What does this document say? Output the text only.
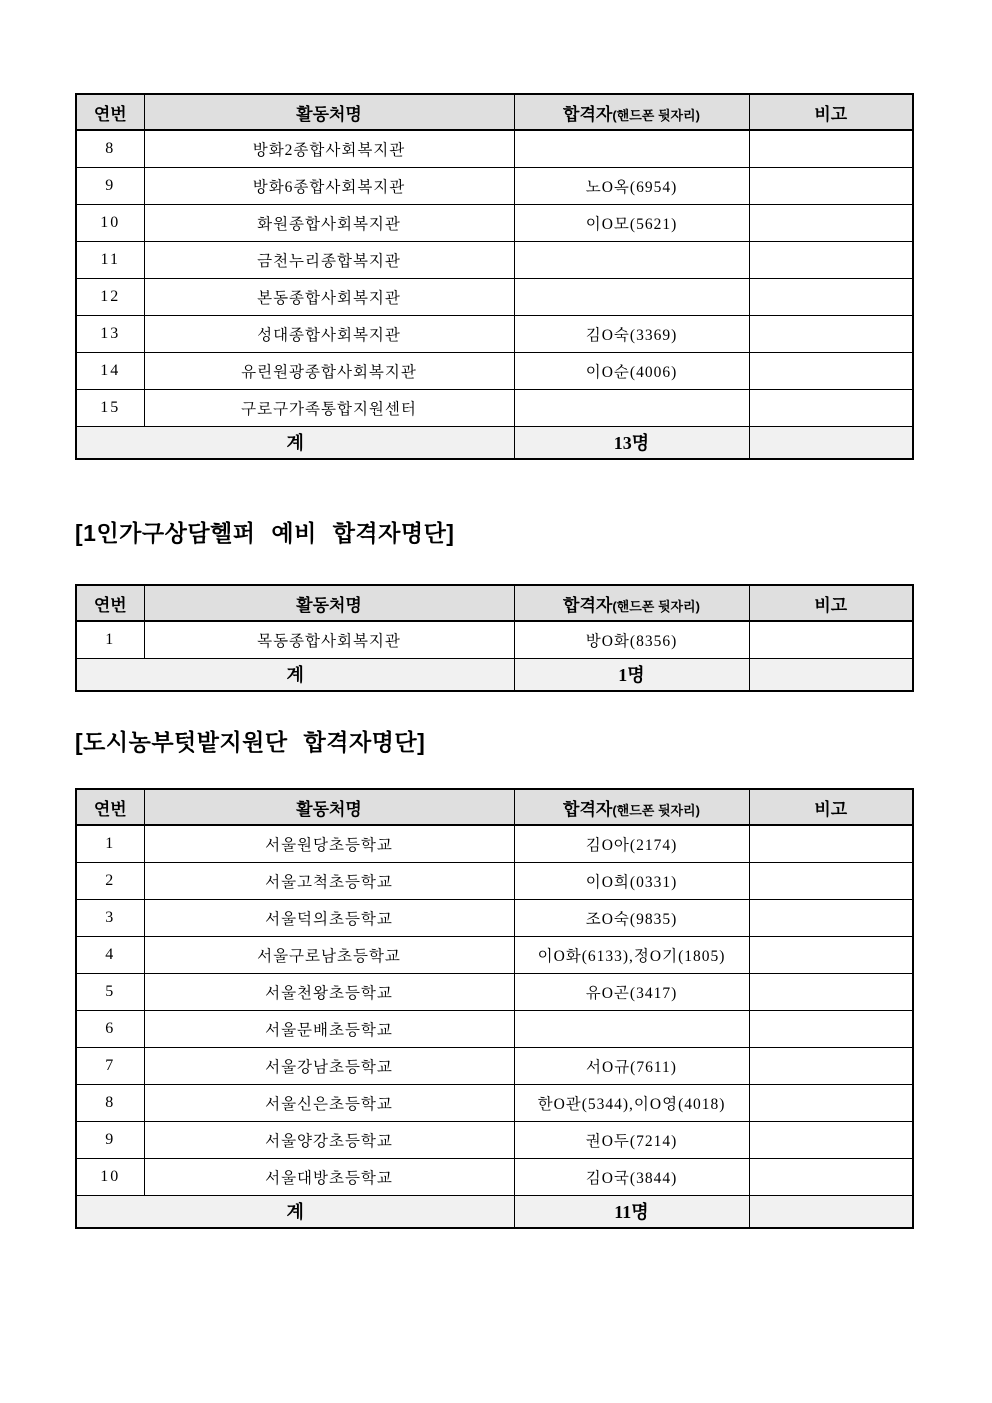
연번	활동처명	합격자(핸드폰 뒷자리)	비고
8	방화2종합사회복지관		
9	방화6종합사회복지관	노O옥(6954)	
10	화원종합사회복지관	이O모(5621)	
11	금천누리종합복지관		
12	본동종합사회복지관		
13	성대종합사회복지관	김O숙(3369)	
14	유린원광종합사회복지관	이O순(4006)	
15	구로구가족통합지원센터		
계		13명	
[1인가구상담헬퍼 예비 합격자명단]
연번	활동처명	합격자(핸드폰 뒷자리)	비고
1	목동종합사회복지관	방O화(8356)	
계		1명	
[도시농부텃밭지원단 합격자명단]
연번	활동처명	합격자(핸드폰 뒷자리)	비고
1	서울원당초등학교	김O아(2174)	
2	서울고척초등학교	이O희(0331)	
3	서울덕의초등학교	조O숙(9835)	
4	서울구로남초등학교	이O화(6133),정O기(1805)	
5	서울천왕초등학교	유O곤(3417)	
6	서울문배초등학교		
7	서울강남초등학교	서O규(7611)	
8	서울신은초등학교	한O관(5344),이O영(4018)	
9	서울양강초등학교	권O두(7214)	
10	서울대방초등학교	김O국(3844)	
계		11명	
